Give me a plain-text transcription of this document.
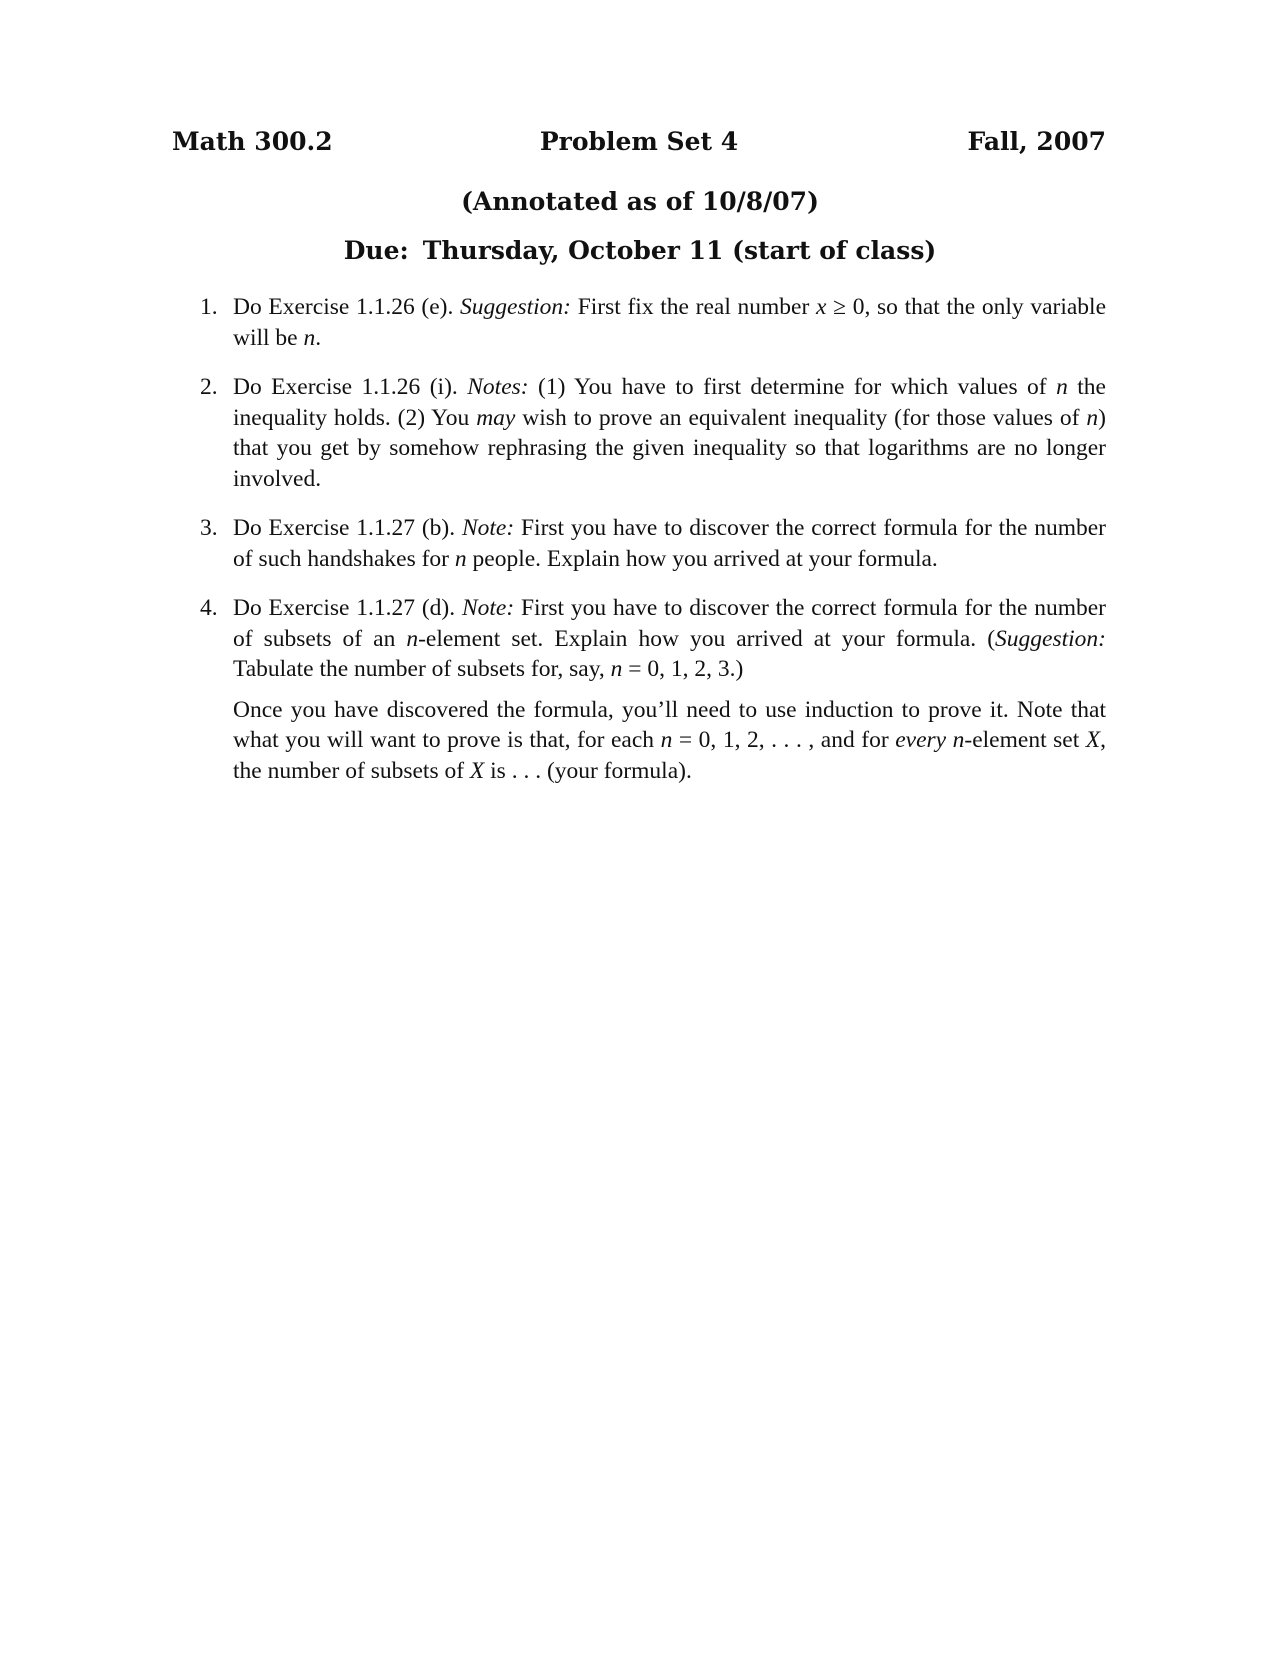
Math 300.2	Problem Set 4	Fall, 2007
(Annotated as of 10/8/07)
Due: Thursday, October 11 (start of class)
1. Do Exercise 1.1.26 (e). Suggestion: First fix the real number x ≥ 0, so that the only variable will be n.

2. Do Exercise 1.1.26 (i). Notes: (1) You have to first determine for which values of n the inequality holds. (2) You may wish to prove an equivalent inequality (for those values of n) that you get by somehow rephrasing the given inequality so that logarithms are no longer involved.

3. Do Exercise 1.1.27 (b). Note: First you have to discover the correct formula for the number of such handshakes for n people. Explain how you arrived at your formula.

4. Do Exercise 1.1.27 (d). Note: First you have to discover the correct formula for the number of subsets of an n-element set. Explain how you arrived at your formula. (Suggestion: Tabulate the number of subsets for, say, n = 0, 1, 2, 3.)

Once you have discovered the formula, you’ll need to use induction to prove it. Note that what you will want to prove is that, for each n = 0, 1, 2, . . . , and for every n-element set X, the number of subsets of X is . . . (your formula).
